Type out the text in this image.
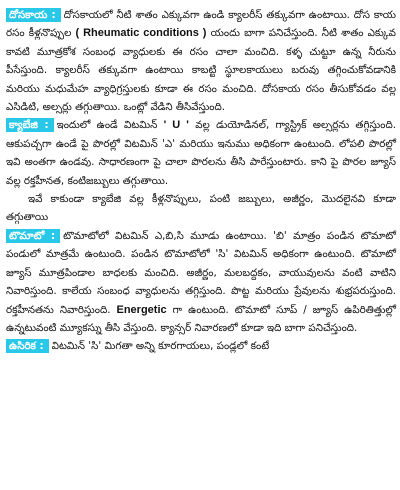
దోసకాయ : దోసకాయలో నీటి శాతం ఎక్కువగా ఉండి క్యాలరీస్ తక్కువగా ఉంటాయి. దోస కాయ రసం కీళ్లనొప్పుల ( Rheumatic conditions ) యందు బాగా పనిచేస్తుంది. నీటి శాతం ఎక్కువ కావటి మూత్రకోశ సంబంధ వ్యాధులకు ఈ రసం చాలా మంచిది. కళ్ళ చుట్టూ ఉన్న నీరును పీసేస్తుంది. క్యాలరీస్ తక్కువగా ఉంటాయి కాబట్టి స్థూలకాయులు బరువు తగ్గించుకోవడానికి మరియు మధుమేహ వ్యాధిగ్రస్తులకు కూడా ఈ రసం మంచిది. దోసకాయ రసం తీసుకోవడం వల్ల ఎసిడిటి, అల్సర్లు తగ్గుతాయి. ఒంట్లో వేడిని తీసివేస్తుంది.

క్యాబేజి : ఇందులో ఉండే విటమిన్ ' U ' వల్ల డుయోడినల్, గ్యాస్ట్రిక్ అల్సర్లను తగ్గిస్తుంది. ఆకుపచ్చగా ఉండే పై పొరల్లో విటమిన్ 'ఎ' మరియు ఇనుము అధికంగా ఉంటుంది. లోపలి పొరల్లో ఇవి అంతగా ఉండవు. సాధారణంగా పై చాలా పొరలను తీసి పారేస్తుంటారు. కాని పై పొరల జ్యూస్ వల్ల రక్తహీనత, కంటిజబ్బులు తగ్గుతాయి.
ఇవే కాకుండా క్యాబేజి వల్ల కీళ్లనొప్పులు, పంటి జబ్బులు, అజీర్ణం, మొదలైనవి కూడా తగ్గుతాయి

టొమాటో : టొమాటోలో విటమిన్ ఎ,బి,సి మూడు ఉంటాయి. 'బి' మాత్రం పండిన టొమాటో పండులో మాత్రమే ఉంటుంది. పండిన టొమాటోలో 'సి' విటమిన్ అధికంగా ఉంటుంది. టొమాటో జ్యూస్ మూత్రపిండాల బాధలకు మంచిది. అజీర్ణం, మలబద్దకం, వాయువులను వంటి వాటిని నివారిస్తుంది. కాలేయ సంబంధ వ్యాధులను తగ్గిస్తుంది. పొట్ట మరియు ప్రేవులను శుభ్రపరుస్తుంది. రక్తహీనతను నివారిస్తుంది. Energetic గా ఉంటుంది. టొమాటో సూప్ / జ్యూస్ ఉపిరితిత్తుల్లో ఉన్నటువంటి మ్యూకస్ను తీసి వేస్తుంది. క్యాన్సర్ నివారణలో కూడా ఇది బాగా పనిచేస్తుంది.

ఉసిరిక : విటమిన్ 'సి' మిగతా అన్ని కూరగాయలు, పండ్లలో కంటే
